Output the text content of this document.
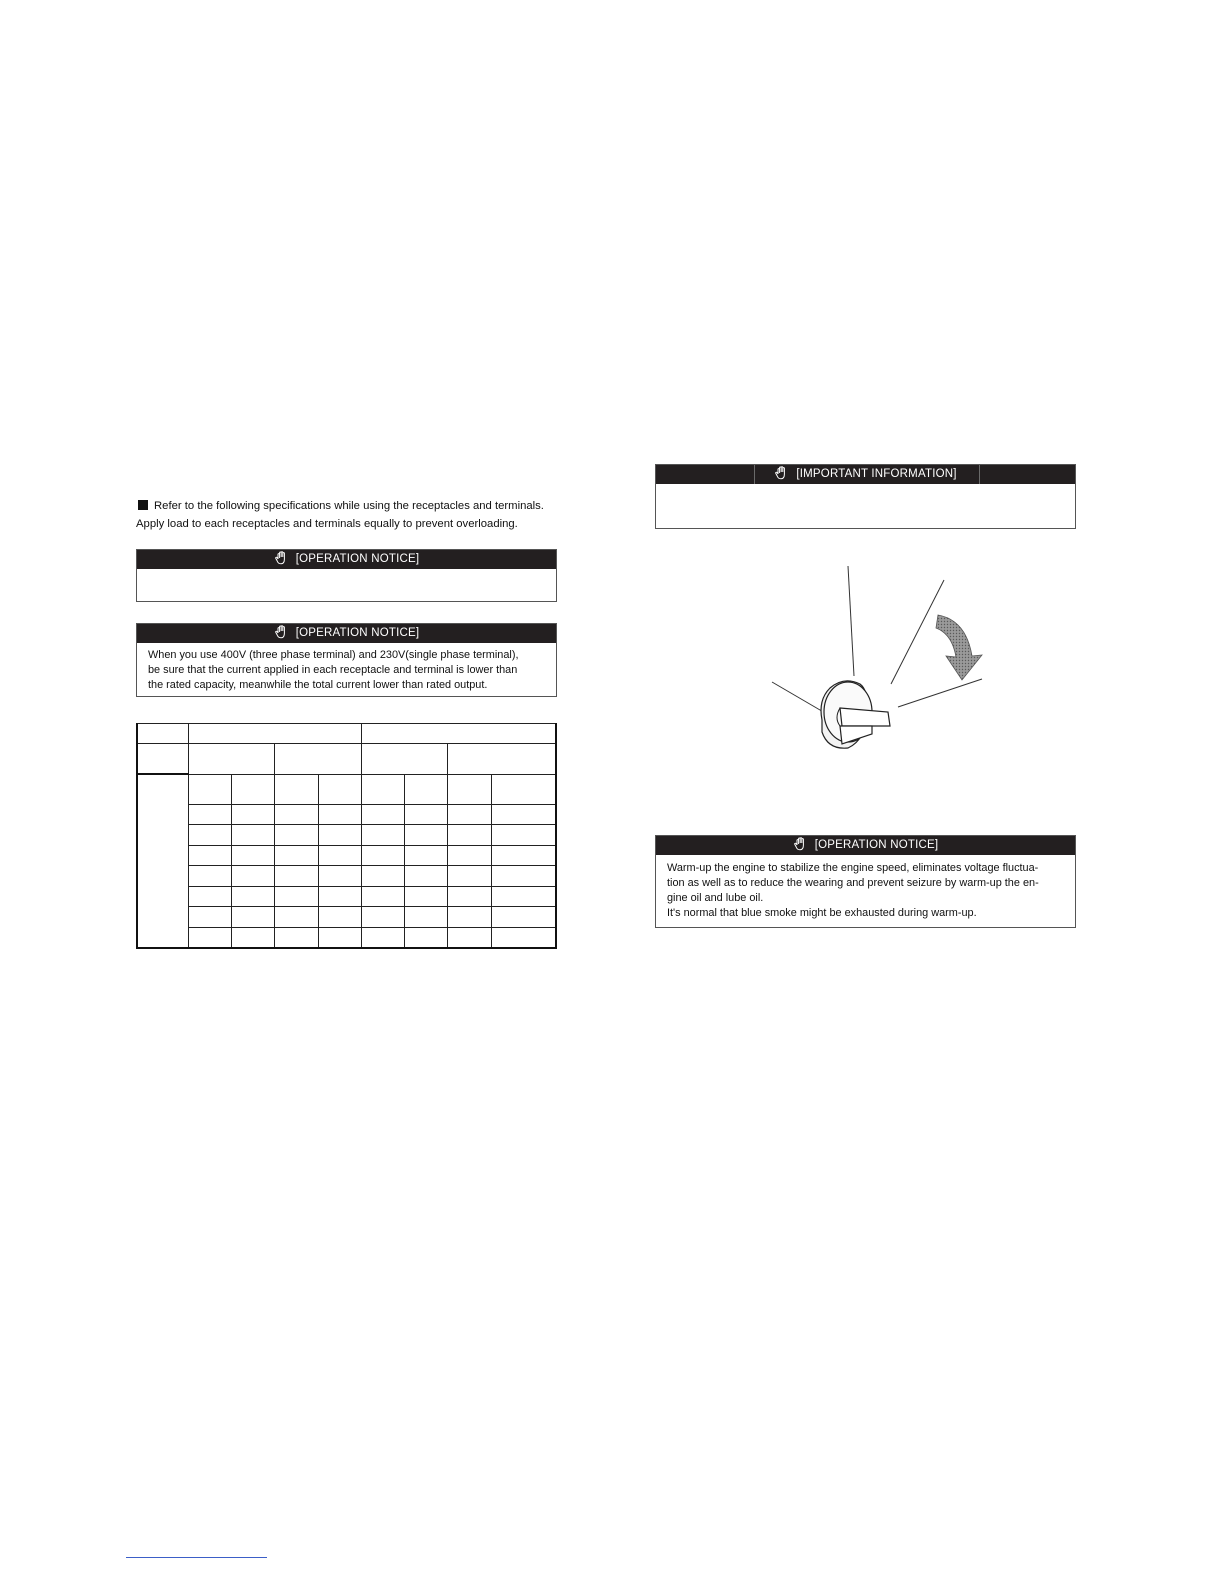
Refer to the following specifications while using the receptacles and terminals.
Apply load to each receptacles and terminals equally to prevent overloading.
[OPERATION NOTICE]
[OPERATION NOTICE]
When you use 400V (three phase terminal) and 230V(single phase terminal),
be sure that the current applied in each receptacle and terminal is lower than
the rated capacity, meanwhile the total current lower than rated output.

[IMPORTANT INFORMATION]
[OPERATION NOTICE]
Warm-up the engine to stabilize the engine speed, eliminates voltage fluctua-
tion as well as to reduce the wearing and prevent seizure by warm-up the en-
gine oil and lube oil.
It's normal that blue smoke might be exhausted during warm-up.
